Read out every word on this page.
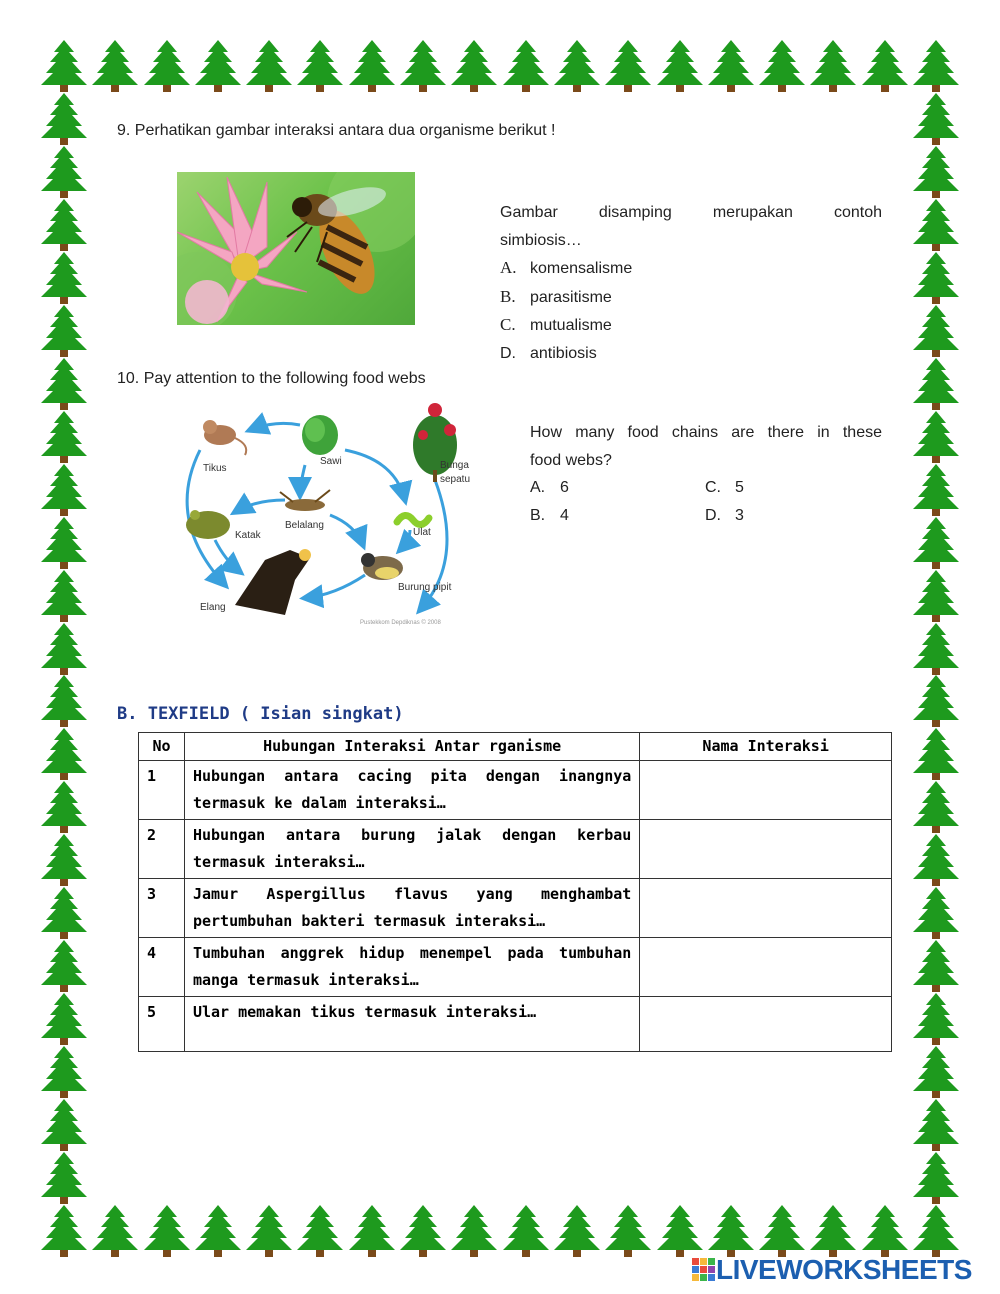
9. Perhatikan gambar interaksi antara dua organisme berikut !
Gambar disamping merupakan contoh
simbiosis…
A. komensalisme
B. parasitisme
C. mutualisme
D. antibiosis
10. Pay attention to the following food webs
Tikus
Sawi	Bunga
sepatu
Belalang
Katak	Ulat
Elang
Burung pipit
Pustekkom Depdiknas © 2008
How many food chains are there in these
food webs?
A. 6	C. 5
B. 4	D. 3
B. TEXFIELD ( Isian singkat)
No	Hubungan Interaksi Antar rganisme	Nama Interaksi
1	Hubungan antara cacing pita dengan inangnya termasuk ke dalam interaksi…	
2	Hubungan antara burung jalak dengan kerbau termasuk interaksi…	
3	Jamur Aspergillus flavus yang menghambat pertumbuhan bakteri termasuk interaksi…	
4	Tumbuhan anggrek hidup menempel pada tumbuhan manga termasuk interaksi…	
5	Ular memakan tikus termasuk interaksi…	
LIVEWORKSHEETS
